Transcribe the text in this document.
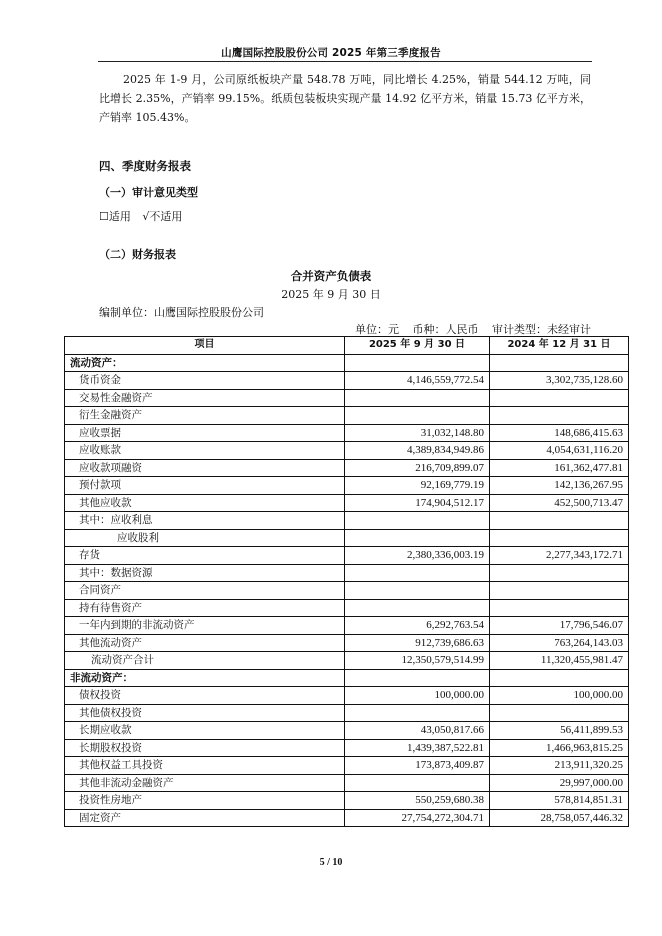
山鹰国际控股股份公司 2025 年第三季度报告

2025 年 1-9 月，公司原纸板块产量 548.78 万吨，同比增长 4.25%，销量 544.12 万吨，同比增长 2.35%，产销率 99.15%。纸质包装板块实现产量 14.92 亿平方米，销量 15.73 亿平方米，产销率 105.43%。

四、季度财务报表

（一）审计意见类型

☐适用 √不适用

（二）财务报表

合并资产负债表
2025 年 9 月 30 日
编制单位：山鹰国际控股股份公司
单位：元 币种：人民币 审计类型：未经审计
项目	2025 年 9 月 30 日	2024 年 12 月 31 日
流动资产：		
货币资金	4,146,559,772.54	3,302,735,128.60
交易性金融资产		
衍生金融资产		
应收票据	31,032,148.80	148,686,415.63
应收账款	4,389,834,949.86	4,054,631,116.20
应收款项融资	216,709,899.07	161,362,477.81
预付款项	92,169,779.19	142,136,267.95
其他应收款	174,904,512.17	452,500,713.47
其中：应收利息		
应收股利		
存货	2,380,336,003.19	2,277,343,172.71
其中：数据资源		
合同资产		
持有待售资产		
一年内到期的非流动资产	6,292,763.54	17,796,546.07
其他流动资产	912,739,686.63	763,264,143.03
流动资产合计	12,350,579,514.99	11,320,455,981.47
非流动资产：		
债权投资	100,000.00	100,000.00
其他债权投资		
长期应收款	43,050,817.66	56,411,899.53
长期股权投资	1,439,387,522.81	1,466,963,815.25
其他权益工具投资	173,873,409.87	213,911,320.25
其他非流动金融资产		29,997,000.00
投资性房地产	550,259,680.38	578,814,851.31
固定资产	27,754,272,304.71	28,758,057,446.32
5 / 10
